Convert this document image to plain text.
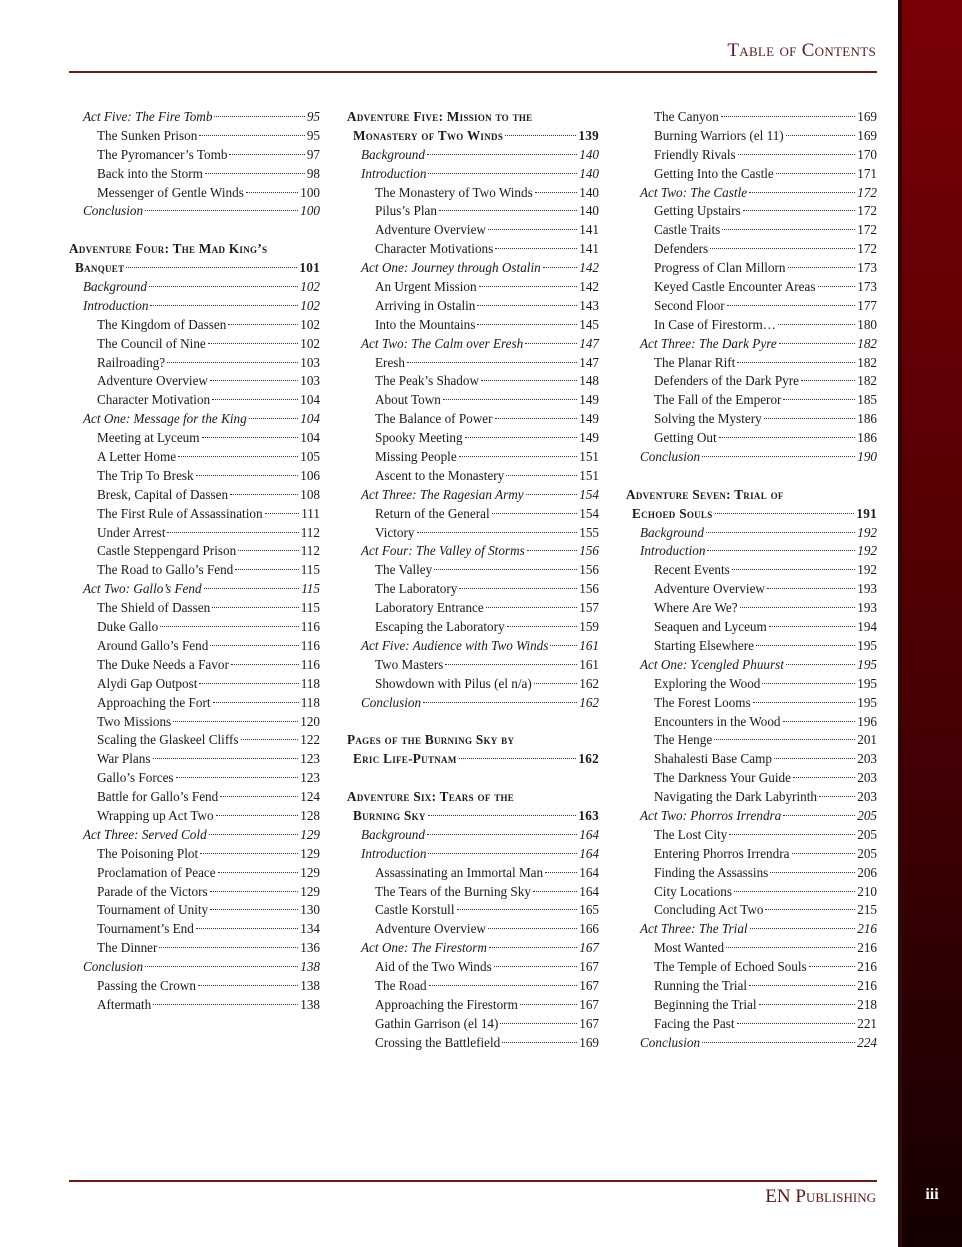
Table of Contents
Act Five: The Fire Tomb	95
The Sunken Prison	95
The Pyromancer’s Tomb	97
Back into the Storm	98
Messenger of Gentle Winds	100
Conclusion	100
Adventure Four: The Mad King’s
Banquet	101
Background	102
Introduction	102
The Kingdom of Dassen	102
The Council of Nine	102
Railroading?	103
Adventure Overview	103
Character Motivation	104
Act One: Message for the King	104
Meeting at Lyceum	104
A Letter Home	105
The Trip To Bresk	106
Bresk, Capital of Dassen	108
The First Rule of Assassination	111
Under Arrest	112
Castle Steppengard Prison	112
The Road to Gallo’s Fend	115
Act Two: Gallo’s Fend	115
The Shield of Dassen	115
Duke Gallo	116
Around Gallo’s Fend	116
The Duke Needs a Favor	116
Alydi Gap Outpost	118
Approaching the Fort	118
Two Missions	120
Scaling the Glaskeel Cliffs	122
War Plans	123
Gallo’s Forces	123
Battle for Gallo’s Fend	124
Wrapping up Act Two	128
Act Three: Served Cold	129
The Poisoning Plot	129
Proclamation of Peace	129
Parade of the Victors	129
Tournament of Unity	130
Tournament’s End	134
The Dinner	136
Conclusion	138
Passing the Crown	138
Aftermath	138
Adventure Five: Mission to the
Monastery of Two Winds	139
Background	140
Introduction	140
The Monastery of Two Winds	140
Pilus’s Plan	140
Adventure Overview	141
Character Motivations	141
Act One: Journey through Ostalin	142
An Urgent Mission	142
Arriving in Ostalin	143
Into the Mountains	145
Act Two: The Calm over Eresh	147
Eresh	147
The Peak’s Shadow	148
About Town	149
The Balance of Power	149
Spooky Meeting	149
Missing People	151
Ascent to the Monastery	151
Act Three: The Ragesian Army	154
Return of the General	154
Victory	155
Act Four: The Valley of Storms	156
The Valley	156
The Laboratory	156
Laboratory Entrance	157
Escaping the Laboratory	159
Act Five: Audience with Two Winds 161
Two Masters	161
Showdown with Pilus (el n/a)	162
Conclusion	162
Pages of the Burning Sky by
Eric Life-Putnam	162
Adventure Six: Tears of the
Burning Sky	163
Background	164
Introduction	164
Assassinating an Immortal Man	164
The Tears of the Burning Sky	164
Castle Korstull	165
Adventure Overview	166
Act One: The Firestorm	167
Aid of the Two Winds	167
The Road	167
Approaching the Firestorm	167
Gathin Garrison (el 14)	167
Crossing the Battlefield	169
The Canyon	169
Burning Warriors (el 11)	169
Friendly Rivals	170
Getting Into the Castle	171
Act Two: The Castle	172
Getting Upstairs	172
Castle Traits	172
Defenders	172
Progress of Clan Millorn	173
Keyed Castle Encounter Areas	173
Second Floor	177
In Case of Firestorm…	180
Act Three: The Dark Pyre	182
The Planar Rift	182
Defenders of the Dark Pyre	182
The Fall of the Emperor	185
Solving the Mystery	186
Getting Out	186
Conclusion	190
Adventure Seven: Trial of
Echoed Souls	191
Background	192
Introduction	192
Recent Events	192
Adventure Overview	193
Where Are We?	193
Seaquen and Lyceum	194
Starting Elsewhere	195
Act One: Ycengled Phuurst	195
Exploring the Wood	195
The Forest Looms	195
Encounters in the Wood	196
The Henge	201
Shahalesti Base Camp	203
The Darkness Your Guide	203
Navigating the Dark Labyrinth	203
Act Two: Phorros Irrendra	205
The Lost City	205
Entering Phorros Irrendra	205
Finding the Assassins	206
City Locations	210
Concluding Act Two	215
Act Three: The Trial	216
Most Wanted	216
The Temple of Echoed Souls	216
Running the Trial	216
Beginning the Trial	218
Facing the Past	221
Conclusion	224
EN Publishing	iii
